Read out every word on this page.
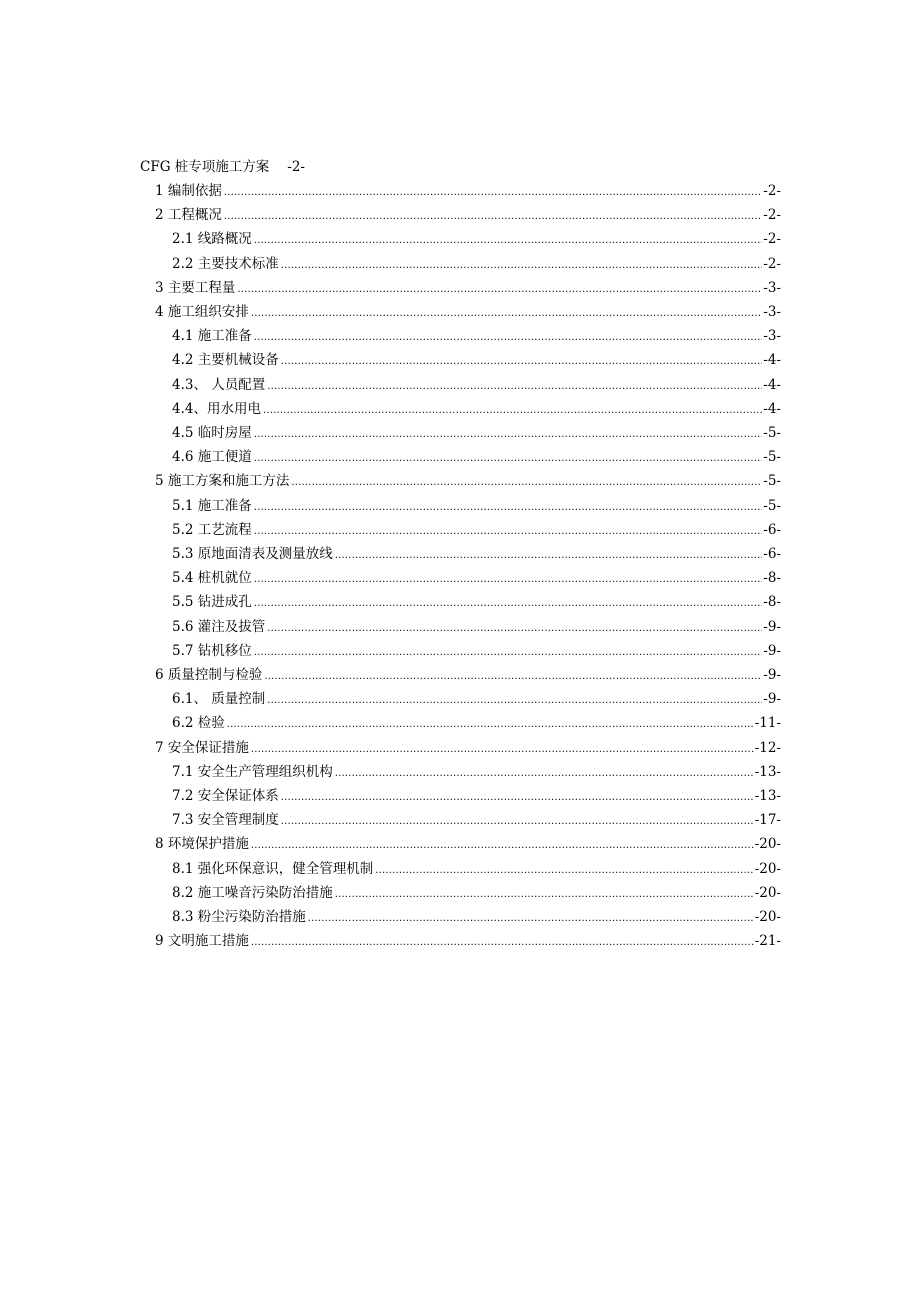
CFG 桩专项施工方案 -2-
1 编制依据 .....	-2-
2 工程概况 .....	-2-
2.1 线路概况 .....	-2-
2.2 主要技术标准 .....	-2-
3 主要工程量 .....	-3-
4 施工组织安排 .....	-3-
4.1 施工准备 .....	-3-
4.2 主要机械设备 .....	-4-
4.3、 人员配置 .....	-4-
4.4、用水用电 .....	-4-
4.5 临时房屋 .....	-5-
4.6 施工便道 .....	-5-
5 施工方案和施工方法 .....	-5-
5.1 施工准备 .....	-5-
5.2 工艺流程 .....	-6-
5.3 原地面清表及测量放线 .....	-6-
5.4 桩机就位 .....	-8-
5.5 钻进成孔 .....	-8-
5.6 灌注及拔管 .....	-9-
5.7 钻机移位 .....	-9-
6 质量控制与检验 .....	-9-
6.1、 质量控制 .....	-9-
6.2 检验 .....	-11-
7 安全保证措施 .....	-12-
7.1 安全生产管理组织机构 .....	-13-
7.2 安全保证体系 .....	-13-
7.3 安全管理制度 .....	-17-
8 环境保护措施 .....	-20-
8.1 强化环保意识，健全管理机制 .....	-20-
8.2 施工噪音污染防治措施 .....	-20-
8.3 粉尘污染防治措施 .....	-20-
9 文明施工措施 .....	-21-
